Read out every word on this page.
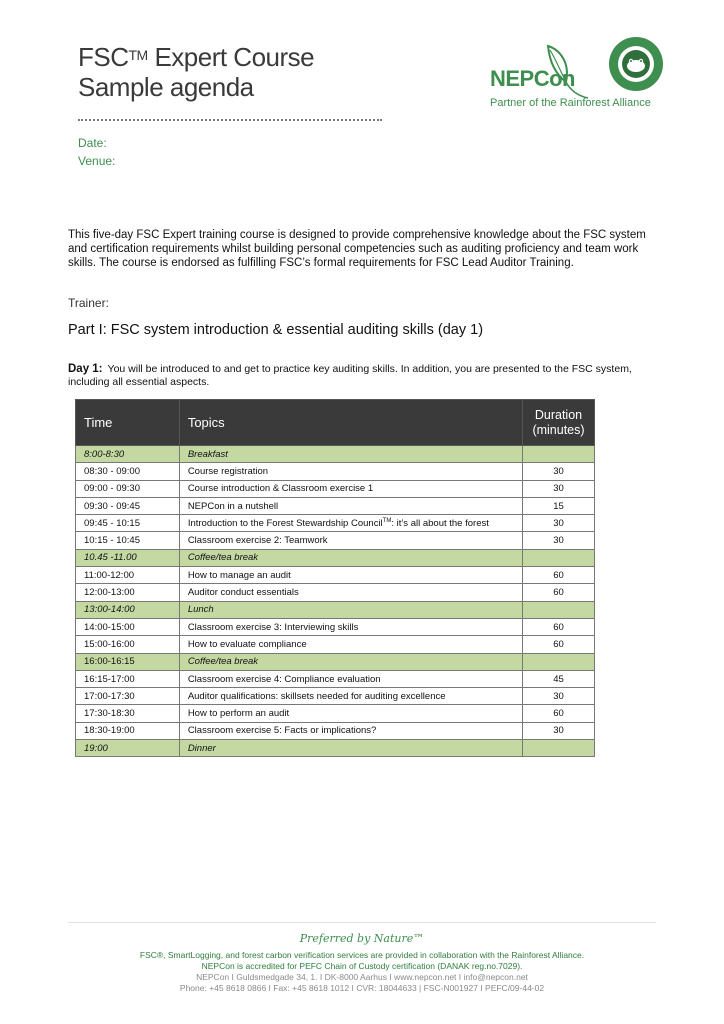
FSC™ Expert Course
Sample agenda
Date:
Venue:
NEPCon
Partner of the Rainforest Alliance
This five-day FSC Expert training course is designed to provide comprehensive knowledge about the FSC system and certification requirements whilst building personal competencies such as auditing proficiency and team work skills. The course is endorsed as fulfilling FSC’s formal requirements for FSC Lead Auditor Training.
Trainer:
Part I: FSC system introduction & essential auditing skills (day 1)
Day 1: You will be introduced to and get to practice key auditing skills. In addition, you are presented to the FSC system, including all essential aspects.
Time	Topics	Duration
(minutes)
8:00-8:30	Breakfast	
08:30 - 09:00	Course registration	30
09:00 - 09:30	Course introduction & Classroom exercise 1	30
09:30 - 09:45	NEPCon in a nutshell	15
09:45 - 10:15	Introduction to the Forest Stewardship Council™: it’s all about the forest	30
10:15 - 10:45	Classroom exercise 2: Teamwork	30
10.45 -11.00	Coffee/tea break	
11:00-12:00	How to manage an audit	60
12:00-13:00	Auditor conduct essentials	60
13:00-14:00	Lunch	
14:00-15:00	Classroom exercise 3: Interviewing skills	60
15:00-16:00	How to evaluate compliance	60
16:00-16:15	Coffee/tea break	
16:15-17:00	Classroom exercise 4: Compliance evaluation	45
17:00-17:30	Auditor qualifications: skillsets needed for auditing excellence	30
17:30-18:30	How to perform an audit	60
18:30-19:00	Classroom exercise 5: Facts or implications?	30
19:00	Dinner	
Preferred by Nature™
FSC®, SmartLogging, and forest carbon verification services are provided in collaboration with the Rainforest Alliance.
NEPCon is accredited for PEFC Chain of Custody certification (DANAK reg.no.7029).
NEPCon I Guldsmedgade 34, 1. I DK-8000 Aarhus I www.nepcon.net I info@nepcon.net
Phone: +45 8618 0866 I Fax: +45 8618 1012 I CVR: 18044633 | FSC-N001927 I PEFC/09-44-02
